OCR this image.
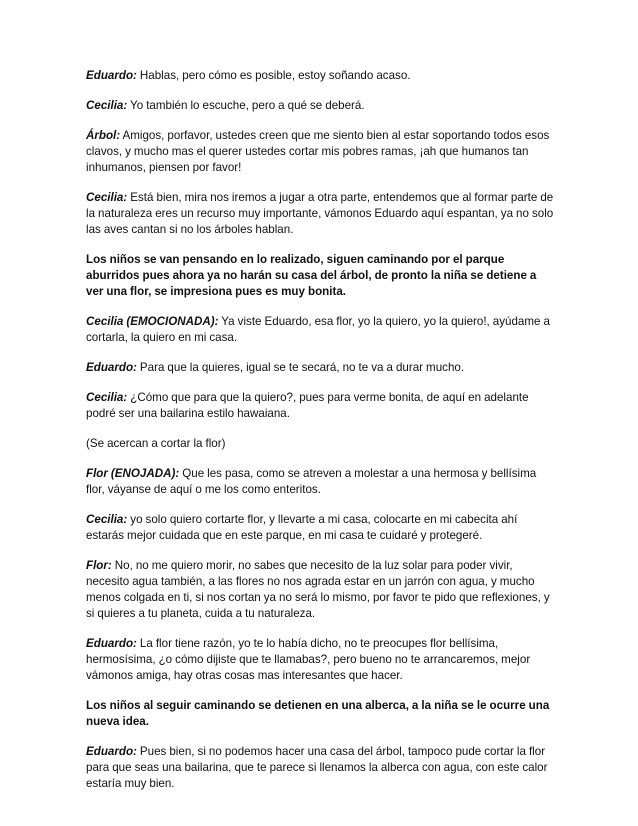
Eduardo: Hablas, pero cómo es posible, estoy soñando acaso.

Cecilia: Yo también lo escuche, pero a qué se deberá.

Árbol: Amigos, porfavor, ustedes creen que me siento bien al estar soportando todos esos clavos, y mucho mas el querer ustedes cortar mis pobres ramas, ¡ah que humanos tan inhumanos, piensen por favor!

Cecilia: Está bien, mira nos iremos a jugar a otra parte, entendemos que al formar parte de la naturaleza eres un recurso muy importante, vámonos Eduardo aquí espantan, ya no solo las aves cantan si no los árboles hablan.

Los niños se van pensando en lo realizado, siguen caminando por el parque aburridos pues ahora ya no harán su casa del árbol, de pronto la niña se detiene a ver una flor, se impresiona pues es muy bonita.

Cecilia (EMOCIONADA): Ya viste Eduardo, esa flor, yo la quiero, yo la quiero!, ayúdame a cortarla, la quiero en mi casa.

Eduardo: Para que la quieres, igual se te secará, no te va a durar mucho.

Cecilia: ¿Cómo que para que la quiero?, pues para verme bonita, de aquí en adelante podré ser una bailarina estilo hawaiana.

(Se acercan a cortar la flor)

Flor (ENOJADA): Que les pasa, como se atreven a molestar a una hermosa y bellísima flor, váyanse de aquí o me los como enteritos.

Cecilia: yo solo quiero cortarte flor, y llevarte a mi casa, colocarte en mi cabecita ahí estarás mejor cuidada que en este parque, en mi casa te cuidaré y protegeré.

Flor: No, no me quiero morir, no sabes que necesito de la luz solar para poder vivir, necesito agua también, a las flores no nos agrada estar en un jarrón con agua, y mucho menos colgada en ti, si nos cortan ya no será lo mismo, por favor te pido que reflexiones, y si quieres a tu planeta, cuida a tu naturaleza.

Eduardo: La flor tiene razón, yo te lo había dicho, no te preocupes flor bellísima, hermosísima, ¿o cómo dijiste que te llamabas?, pero bueno no te arrancaremos, mejor vámonos amiga, hay otras cosas mas interesantes que hacer.

Los niños al seguir caminando se detienen en una alberca, a la niña se le ocurre una nueva idea.

Eduardo: Pues bien, si no podemos hacer una casa del árbol, tampoco pude cortar la flor para que seas una bailarina, que te parece si llenamos la alberca con agua, con este calor estaría muy bien.
